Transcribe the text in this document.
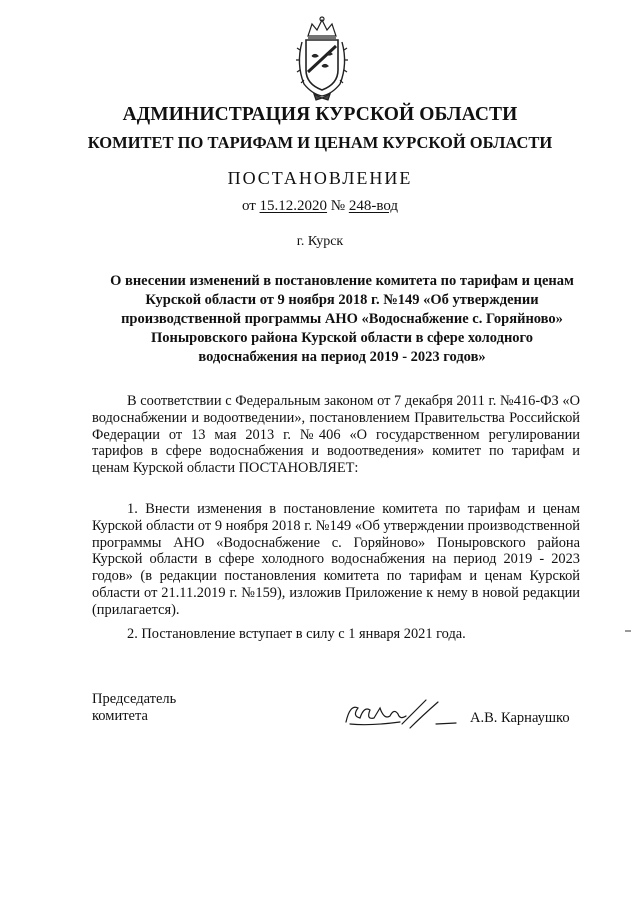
АДМИНИСТРАЦИЯ КУРСКОЙ ОБЛАСТИ
КОМИТЕТ ПО ТАРИФАМ И ЦЕНАМ КУРСКОЙ ОБЛАСТИ
ПОСТАНОВЛЕНИЕ
от 15.12.2020 № 248-вод
г. Курск
О внесении изменений в постановление комитета по тарифам и ценам Курской области от 9 ноября 2018 г. №149 «Об утверждении производственной программы АНО «Водоснабжение с. Горяйново» Поныровского района Курской области в сфере холодного водоснабжения на период 2019 - 2023 годов»
В соответствии с Федеральным законом от 7 декабря 2011 г. №416-ФЗ «О водоснабжении и водоотведении», постановлением Правительства Российской Федерации от 13 мая 2013 г. №406 «О государственном регулировании тарифов в сфере водоснабжения и водоотведения» комитет по тарифам и ценам Курской области ПОСТАНОВЛЯЕТ:
1. Внести изменения в постановление комитета по тарифам и ценам Курской области от 9 ноября 2018 г. №149 «Об утверждении производственной программы АНО «Водоснабжение с. Горяйново» Поныровского района Курской области в сфере холодного водоснабжения на период 2019 - 2023 годов» (в редакции постановления комитета по тарифам и ценам Курской области от 21.11.2019 г. №159), изложив Приложение к нему в новой редакции (прилагается).
2. Постановление вступает в силу с 1 января 2021 года.
Председатель
комитета	А.В. Карнаушко
